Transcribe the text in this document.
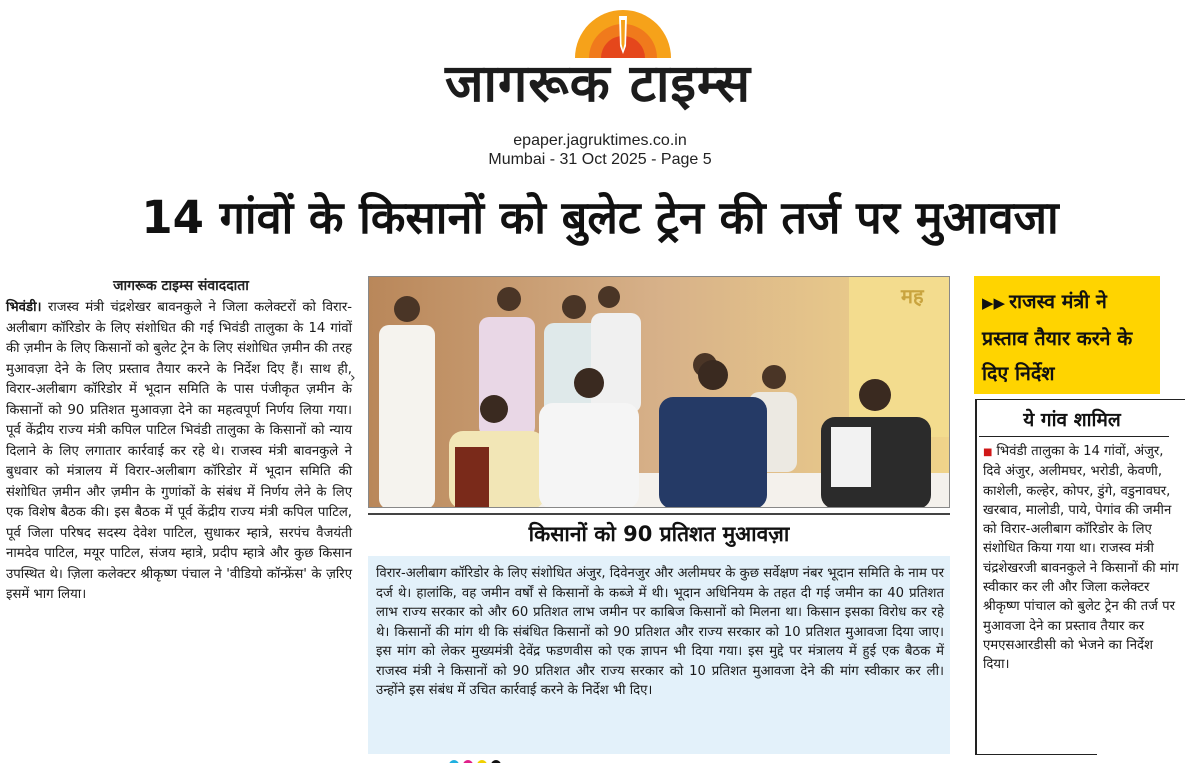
जागरूक टाइम्स
epaper.jagruktimes.co.in
Mumbai - 31 Oct 2025 - Page 5
14 गांवों के किसानों को बुलेट ट्रेन की तर्ज पर मुआवजा
जागरूक टाइम्स संवाददाता

भिवंडी। राजस्व मंत्री चंद्रशेखर बावनकुले ने जिला कलेक्टरों को विरार-अलीबाग कॉरिडोर के लिए संशोधित की गई भिवंडी तालुका के 14 गांवों की ज़मीन के लिए किसानों को बुलेट ट्रेन के लिए संशोधित ज़मीन की तरह मुआवज़ा देने के लिए प्रस्ताव तैयार करने के निर्देश दिए हैं। साथ ही, विरार-अलीबाग कॉरिडोर में भूदान समिति के पास पंजीकृत ज़मीन के किसानों को 90 प्रतिशत मुआवज़ा देने का महत्वपूर्ण निर्णय लिया गया। पूर्व केंद्रीय राज्य मंत्री कपिल पाटिल भिवंडी तालुका के किसानों को न्याय दिलाने के लिए लगातार कार्रवाई कर रहे थे। राजस्व मंत्री बावनकुले ने बुधवार को मंत्रालय में विरार-अलीबाग कॉरिडोर में भूदान समिति की संशोधित ज़मीन और ज़मीन के गुणांकों के संबंध में निर्णय लेने के लिए एक विशेष बैठक की। इस बैठक में पूर्व केंद्रीय राज्य मंत्री कपिल पाटिल, पूर्व जिला परिषद सदस्य देवेश पाटिल, सुधाकर म्हात्रे, सरपंच वैजयंती नामदेव पाटिल, मयूर पाटिल, संजय म्हात्रे, प्रदीप म्हात्रे और कुछ किसान उपस्थित थे। ज़िला कलेक्टर श्रीकृष्ण पंचाल ने 'वीडियो कॉन्फ्रेंस' के ज़रिए इसमें भाग लिया।

›
मह
किसानों को 90 प्रतिशत मुआवज़ा

विरार-अलीबाग कॉरिडोर के लिए संशोधित अंजुर, दिवेनजुर और अलीमघर के कुछ सर्वेक्षण नंबर भूदान समिति के नाम पर दर्ज थे। हालांकि, वह जमीन वर्षों से किसानों के कब्जे में थी। भूदान अधिनियम के तहत दी गई जमीन का 40 प्रतिशत लाभ राज्य सरकार को और 60 प्रतिशत लाभ जमीन पर काबिज किसानों को मिलना था। किसान इसका विरोध कर रहे थे। किसानों की मांग थी कि संबंधित किसानों को 90 प्रतिशत और राज्य सरकार को 10 प्रतिशत मुआवजा दिया जाए। इस मांग को लेकर मुख्यमंत्री देवेंद्र फडणवीस को एक ज्ञापन भी दिया गया। इस मुद्दे पर मंत्रालय में हुई एक बैठक में राजस्व मंत्री ने किसानों को 90 प्रतिशत और राज्य सरकार को 10 प्रतिशत मुआवजा देने की मांग स्वीकार कर ली। उन्होंने इस संबंध में उचित कार्रवाई करने के निर्देश भी दिए।

▶▶ राजस्व मंत्री ने प्रस्ताव तैयार करने के दिए निर्देश

ये गांव शामिल

■ भिवंडी तालुका के 14 गांवों, अंजुर, दिवे अंजुर, अलीमघर, भरोडी, केवणी, काशेली, कल्हेर, कोपर, डुंगे, वडुनावघर, खरबाव, मालोडी, पाये, पेगांव की जमीन को विरार-अलीबाग कॉरिडोर के लिए संशोधित किया गया था। राजस्व मंत्री चंद्रशेखरजी बावनकुले ने किसानों की मांग स्वीकार कर ली और जिला कलेक्टर श्रीकृष्ण पांचाल को बुलेट ट्रेन की तर्ज पर मुआवजा देने का प्रस्ताव तैयार कर एमएसआरडीसी को भेजने का निर्देश दिया।
